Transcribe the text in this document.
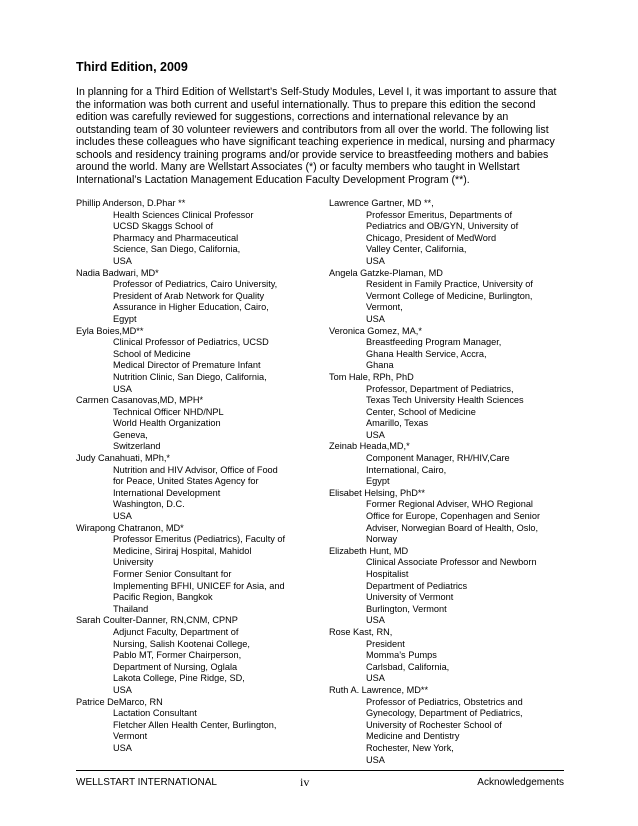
Third Edition, 2009

In planning for a Third Edition of Wellstart’s Self-Study Modules, Level I, it was important to assure that the information was both current and useful internationally. Thus to prepare this edition the second edition was carefully reviewed for suggestions, corrections and international relevance by an outstanding team of 30 volunteer reviewers and contributors from all over the world. The following list includes these colleagues who have significant teaching experience in medical, nursing and pharmacy schools and residency training programs and/or provide service to breastfeeding mothers and babies around the world. Many are Wellstart Associates (*) or faculty members who taught in Wellstart International’s Lactation Management Education Faculty Development Program (**).

Phillip Anderson, D.Phar **
Health Sciences Clinical Professor
UCSD Skaggs School of
Pharmacy and Pharmaceutical
Science, San Diego, California,
USA
Nadia Badwari, MD*
Professor of Pediatrics, Cairo University,
President of Arab Network for Quality
Assurance in Higher Education, Cairo,
Egypt
Eyla Boies,MD**
Clinical Professor of Pediatrics, UCSD
School of Medicine
Medical Director of Premature Infant
Nutrition Clinic, San Diego, California,
USA
Carmen Casanovas,MD, MPH*
Technical Officer NHD/NPL
World Health Organization
Geneva,
Switzerland
Judy Canahuati, MPh,*
Nutrition and HIV Advisor, Office of Food
for Peace, United States Agency for
International Development
Washington, D.C.
USA
Wirapong Chatranon, MD*
Professor Emeritus (Pediatrics), Faculty of
Medicine, Siriraj Hospital, Mahidol
University
Former Senior Consultant for
Implementing BFHI, UNICEF for Asia, and
Pacific Region, Bangkok
Thailand
Sarah Coulter-Danner, RN,CNM, CPNP
Adjunct Faculty, Department of
Nursing, Salish Kootenai College,
Pablo MT, Former Chairperson,
Department of Nursing, Oglala
Lakota College, Pine Ridge, SD,
USA
Patrice DeMarco, RN
Lactation Consultant
Fletcher Allen Health Center, Burlington,
Vermont
USA
Lawrence Gartner, MD **,
Professor Emeritus, Departments of
Pediatrics and OB/GYN, University of
Chicago, President of MedWord
Valley Center, California,
USA
Angela Gatzke-Plaman, MD
Resident in Family Practice, University of
Vermont College of Medicine, Burlington,
Vermont,
USA
Veronica Gomez, MA,*
Breastfeeding Program Manager,
Ghana Health Service, Accra,
Ghana
Tom Hale, RPh, PhD
Professor, Department of Pediatrics,
Texas Tech University Health Sciences
Center, School of Medicine
Amarillo, Texas
USA
Zeinab Heada,MD,*
Component Manager, RH/HIV,Care
International, Cairo,
Egypt
Elisabet Helsing, PhD**
Former Regional Adviser, WHO Regional
Office for Europe, Copenhagen and Senior
Adviser, Norwegian Board of Health, Oslo,
Norway
Elizabeth Hunt, MD
Clinical Associate Professor and Newborn
Hospitalist
Department of Pediatrics
University of Vermont
Burlington, Vermont
USA
Rose Kast, RN,
President
Momma’s Pumps
Carlsbad, California,
USA
Ruth A. Lawrence, MD**
Professor of Pediatrics, Obstetrics and
Gynecology, Department of Pediatrics,
University of Rochester School of
Medicine and Dentistry
Rochester, New York,
USA
WELLSTART INTERNATIONAL	iv	Acknowledgements
